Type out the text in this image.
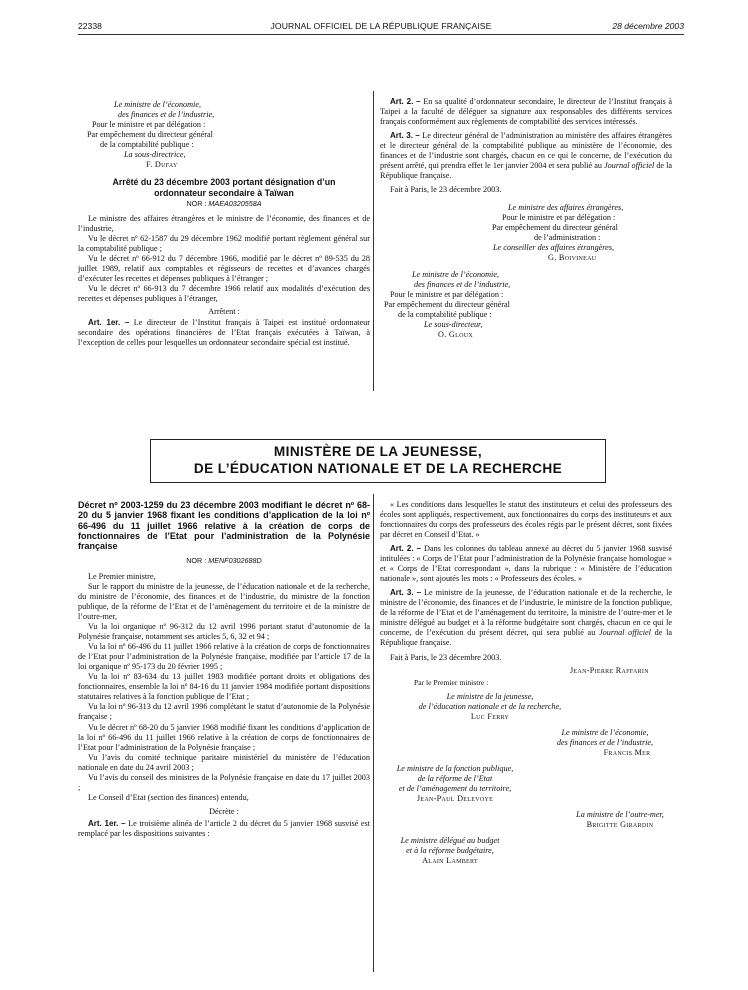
22338	JOURNAL OFFICIEL DE LA RÉPUBLIQUE FRANÇAISE	28 décembre 2003
Le ministre de l’économie,
des finances et de l’industrie,
Pour le ministre et par délégation :
Par empêchement du directeur général
de la comptabilité publique :
La sous-directrice,
F. Dufay
Arrêté du 23 décembre 2003 portant désignation d’un ordonnateur secondaire à Taïwan
NOR : MAEA0320558A
Le ministre des affaires étrangères et le ministre de l’économie, des finances et de l’industrie,
Vu le décret nº 62-1587 du 29 décembre 1962 modifié portant règlement général sur la comptabilité publique ;
Vu le décret nº 66-912 du 7 décembre 1966, modifié par le décret nº 89-535 du 28 juillet 1989, relatif aux comptables et régisseurs de recettes et d’avances chargés d’exécuter les recettes et dépenses publiques à l’étranger ;
Vu le décret nº 66-913 du 7 décembre 1966 relatif aux modalités d’exécution des recettes et dépenses publiques à l’étranger,
Arrêtent :
Art. 1er. – Le directeur de l’Institut français à Taipei est institué ordonnateur secondaire des opérations financières de l’Etat français exécutées à Taïwan, à l’exception de celles pour lesquelles un ordonnateur secondaire spécial est institué.
Art. 2. – En sa qualité d’ordonnateur secondaire, le directeur de l’Institut français à Taipei a la faculté de déléguer sa signature aux responsables des différents services français conformément aux règlements de comptabilité des services intéressés.
Art. 3. – Le directeur général de l’administration au ministère des affaires étrangères et le directeur général de la comptabilité publique au ministère de l’économie, des finances et de l’industrie sont chargés, chacun en ce qui le concerne, de l’exécution du présent arrêté, qui prendra effet le 1er janvier 2004 et sera publié au Journal officiel de la République française.
Fait à Paris, le 23 décembre 2003.
Le ministre des affaires étrangères,
Pour le ministre et par délégation :
Par empêchement du directeur général
de l’administration :
Le conseiller des affaires étrangères,
G. Boivineau
Le ministre de l’économie,
des finances et de l’industrie,
Pour le ministre et par délégation :
Par empêchement du directeur général
de la comptabilité publique :
Le sous-directeur,
O. Gloux
MINISTÈRE DE LA JEUNESSE,
DE L’ÉDUCATION NATIONALE ET DE LA RECHERCHE
Décret nº 2003-1259 du 23 décembre 2003 modifiant le décret nº 68-20 du 5 janvier 1968 fixant les conditions d’application de la loi nº 66-496 du 11 juillet 1966 relative à la création de corps de fonctionnaires de l’Etat pour l’administration de la Polynésie française
NOR : MENF0302688D
Le Premier ministre,
Sur le rapport du ministre de la jeunesse, de l’éducation nationale et de la recherche, du ministre de l’économie, des finances et de l’industrie, du ministre de la fonction publique, de la réforme de l’Etat et de l’aménagement du territoire et de la ministre de l’outre-mer,
Vu la loi organique nº 96-312 du 12 avril 1996 portant statut d’autonomie de la Polynésie française, notamment ses articles 5, 6, 32 et 94 ;
Vu la loi nº 66-496 du 11 juillet 1966 relative à la création de corps de fonctionnaires de l’Etat pour l’administration de la Polynésie française, modifiée par l’article 17 de la loi organique nº 95-173 du 20 février 1995 ;
Vu la loi nº 83-634 du 13 juillet 1983 modifiée portant droits et obligations des fonctionnaires, ensemble la loi nº 84-16 du 11 janvier 1984 modifiée portant dispositions statutaires relatives à la fonction publique de l’Etat ;
Vu la loi nº 96-313 du 12 avril 1996 complétant le statut d’autonomie de la Polynésie française ;
Vu le décret nº 68-20 du 5 janvier 1968 modifié fixant les conditions d’application de la loi nº 66-496 du 11 juillet 1966 relative à la création de corps de fonctionnaires de l’Etat pour l’administration de la Polynésie française ;
Vu l’avis du comité technique paritaire ministériel du ministère de l’éducation nationale en date du 24 avril 2003 ;
Vu l’avis du conseil des ministres de la Polynésie française en date du 17 juillet 2003 ;
Le Conseil d’Etat (section des finances) entendu,
Décrète :
Art. 1er. – Le troisième alinéa de l’article 2 du décret du 5 janvier 1968 susvisé est remplacé par les dispositions suivantes :
« Les conditions dans lesquelles le statut des instituteurs et celui des professeurs des écoles sont appliqués, respectivement, aux fonctionnaires du corps des instituteurs et aux fonctionnaires du corps des professeurs des écoles régis par le présent décret, sont fixées par décret en Conseil d’Etat. »
Art. 2. – Dans les colonnes du tableau annexé au décret du 5 janvier 1968 susvisé intitulées : « Corps de l’Etat pour l’administration de la Polynésie française homologue » et « Corps de l’Etat correspondant », dans la rubrique : « Ministère de l’éducation nationale », sont ajoutés les mots : « Professeurs des écoles. »
Art. 3. – Le ministre de la jeunesse, de l’éducation nationale et de la recherche, le ministre de l’économie, des finances et de l’industrie, le ministre de la fonction publique, de la réforme de l’Etat et de l’aménagement du territoire, la ministre de l’outre-mer et le ministre délégué au budget et à la réforme budgétaire sont chargés, chacun en ce qui le concerne, de l’exécution du présent décret, qui sera publié au Journal officiel de la République française.
Fait à Paris, le 23 décembre 2003.
Jean-Pierre Raffarin
Par le Premier ministre :
Le ministre de la jeunesse,
de l’éducation nationale et de la recherche,
Luc Ferry
Le ministre de l’économie,
des finances et de l’industrie,
Francis Mer
Le ministre de la fonction publique,
de la réforme de l’Etat
et de l’aménagement du territoire,
Jean-Paul Delevoye
La ministre de l’outre-mer,
Brigitte Girardin
Le ministre délégué au budget
et à la réforme budgétaire,
Alain Lambert
